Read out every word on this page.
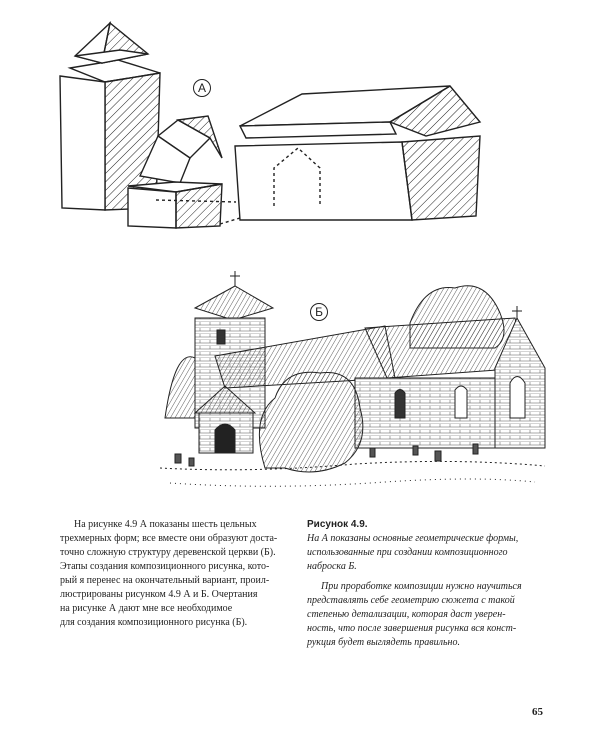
А
Б

На рисунке 4.9 А показаны шесть цельных
трехмерных форм; все вместе они образуют доста-
точно сложную структуру деревенской церкви (Б).
Этапы создания композиционного рисунка, кото-
рый я перенес на окончательный вариант, проил-
люстрированы рисунком 4.9 А и Б. Очертания
на рисунке А дают мне все необходимое
для создания композиционного рисунка (Б).

Рисунок 4.9.

На А показаны основные геометрические формы,
использованные при создании композиционного
наброска Б.

При проработке композиции нужно научиться
представлять себе геометрию сюжета с такой
степенью детализации, которая даст уверен-
ность, что после завершения рисунка вся конст-
рукция будет выглядеть правильно.

65
